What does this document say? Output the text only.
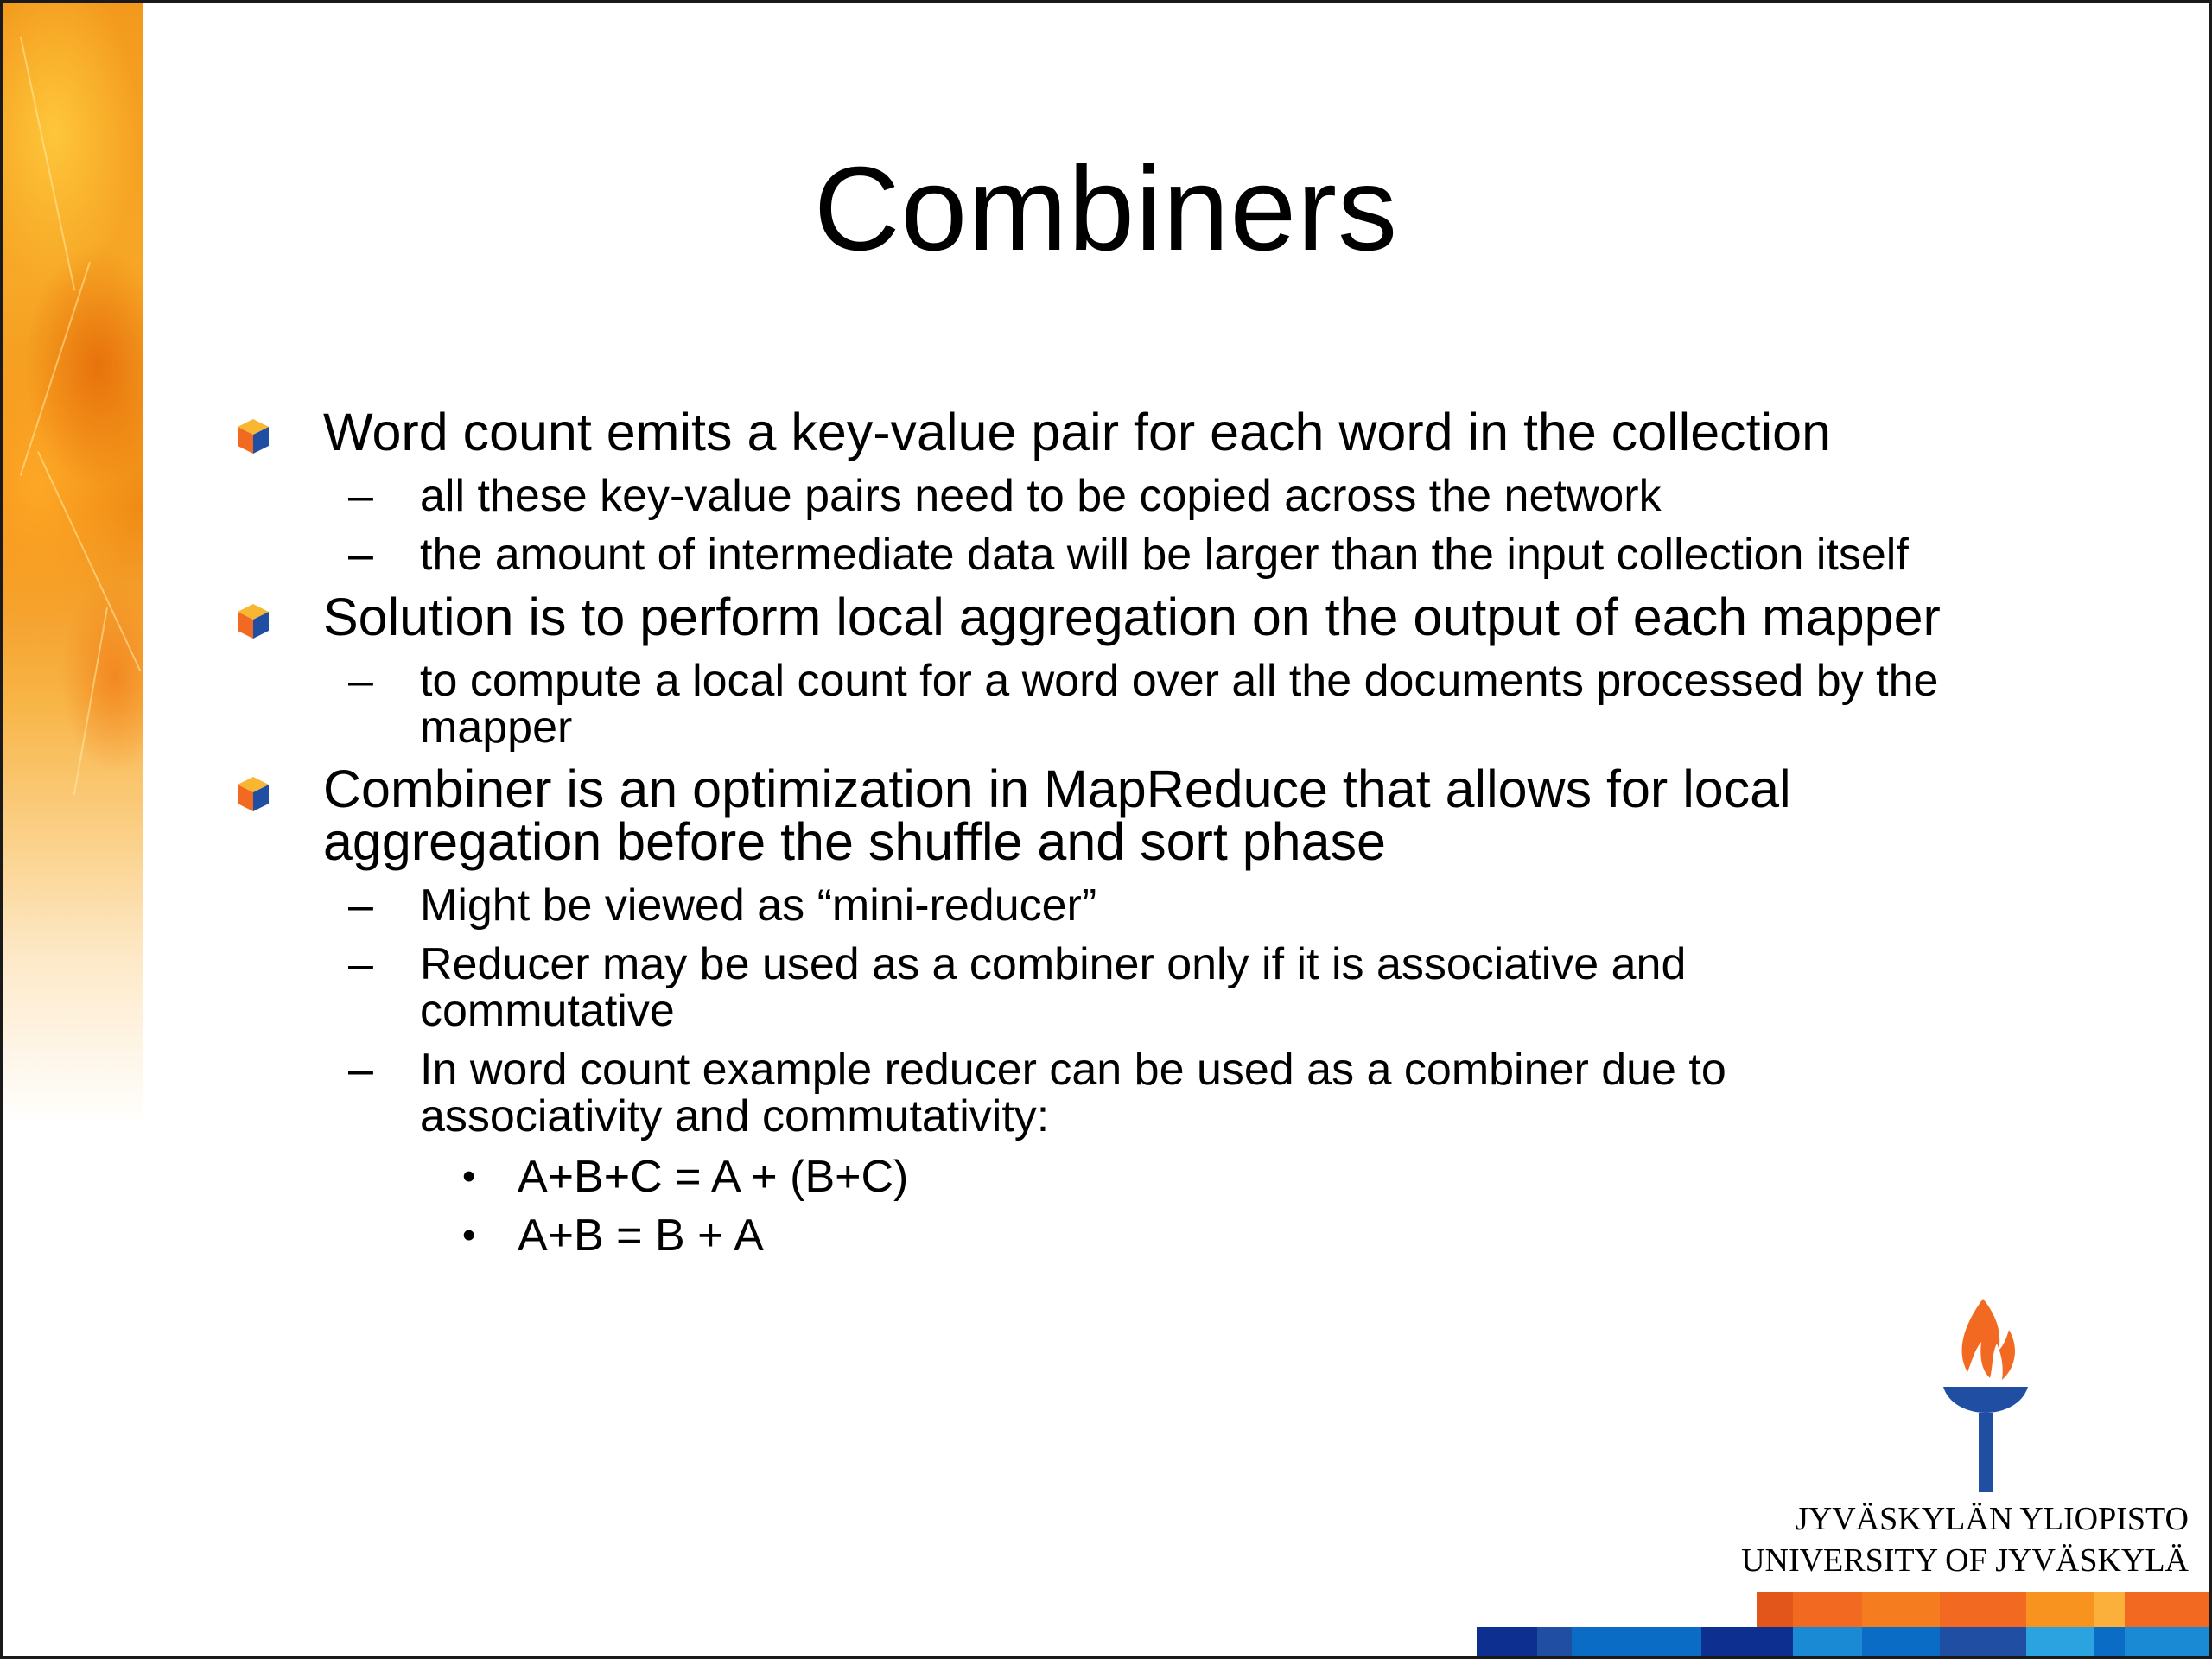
Combiners
Word count emits a key-value pair for each word in the collection
– all these key-value pairs need to be copied across the network
– the amount of intermediate data will be larger than the input collection itself
Solution is to perform local aggregation on the output of each mapper
– to compute a local count for a word over all the documents processed by the
mapper
Combiner is an optimization in MapReduce that allows for local
aggregation before the shuffle and sort phase
– Might be viewed as “mini-reducer”
– Reducer may be used as a combiner only if it is associative and
commutative
– In word count example reducer can be used as a combiner due to
associativity and commutativity:
• A+B+C = A + (B+C)
• A+B = B + A
JYVÄSKYLÄN YLIOPISTO
UNIVERSITY OF JYVÄSKYLÄ
